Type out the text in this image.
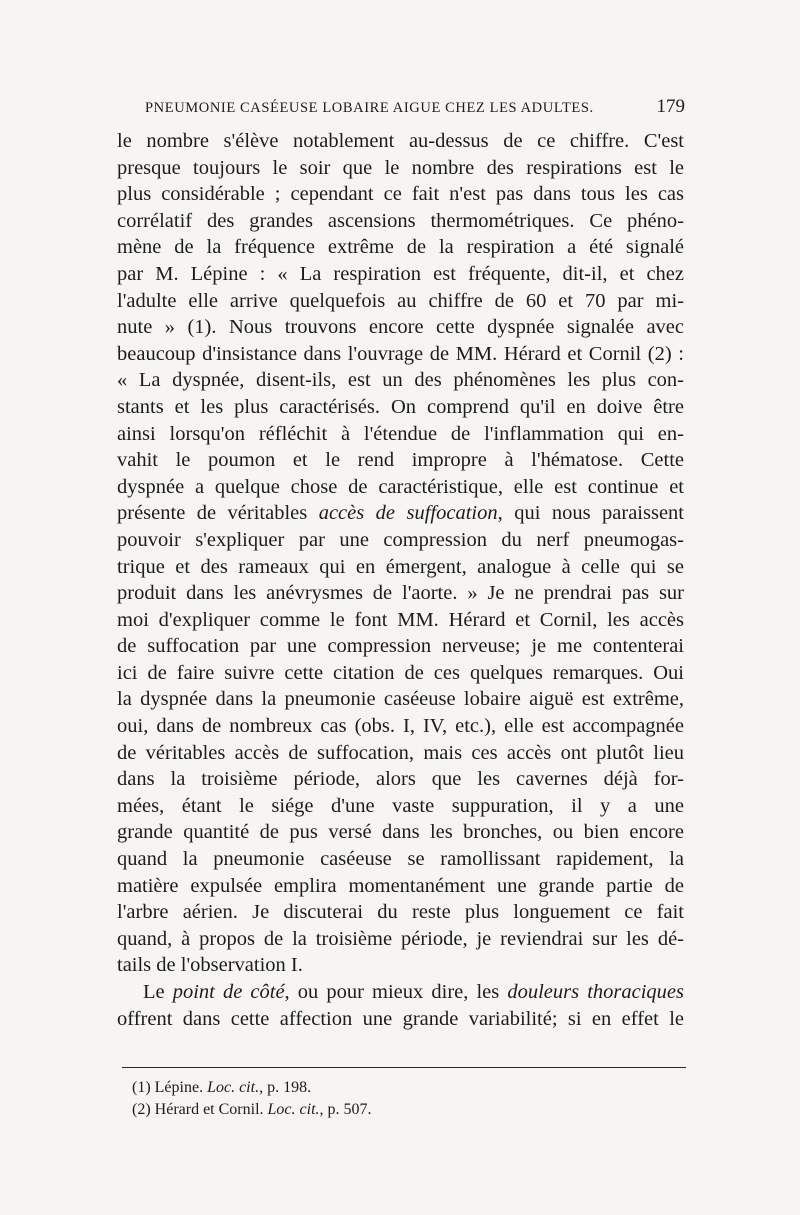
PNEUMONIE CASÉEUSE LOBAIRE AIGUE CHEZ LES ADULTES.	179
le nombre s'élève notablement au-dessus de ce chiffre. C'est
presque toujours le soir que le nombre des respirations est le
plus considérable ; cependant ce fait n'est pas dans tous les cas
corrélatif des grandes ascensions thermométriques. Ce phéno-
mène de la fréquence extrême de la respiration a été signalé
par M. Lépine : « La respiration est fréquente, dit-il, et chez
l'adulte elle arrive quelquefois au chiffre de 60 et 70 par mi-
nute » (1). Nous trouvons encore cette dyspnée signalée avec
beaucoup d'insistance dans l'ouvrage de MM. Hérard et Cornil (2) :
« La dyspnée, disent-ils, est un des phénomènes les plus con-
stants et les plus caractérisés. On comprend qu'il en doive être
ainsi lorsqu'on réfléchit à l'étendue de l'inflammation qui en-
vahit le poumon et le rend impropre à l'hématose. Cette
dyspnée a quelque chose de caractéristique, elle est continue et
présente de véritables accès de suffocation, qui nous paraissent
pouvoir s'expliquer par une compression du nerf pneumogas-
trique et des rameaux qui en émergent, analogue à celle qui se
produit dans les anévrysmes de l'aorte. » Je ne prendrai pas sur
moi d'expliquer comme le font MM. Hérard et Cornil, les accès
de suffocation par une compression nerveuse; je me contenterai
ici de faire suivre cette citation de ces quelques remarques. Oui
la dyspnée dans la pneumonie caséeuse lobaire aiguë est extrême,
oui, dans de nombreux cas (obs. I, IV, etc.), elle est accompagnée
de véritables accès de suffocation, mais ces accès ont plutôt lieu
dans la troisième période, alors que les cavernes déjà for-
mées, étant le siége d'une vaste suppuration, il y a une
grande quantité de pus versé dans les bronches, ou bien encore
quand la pneumonie caséeuse se ramollissant rapidement, la
matière expulsée emplira momentanément une grande partie de
l'arbre aérien. Je discuterai du reste plus longuement ce fait
quand, à propos de la troisième période, je reviendrai sur les dé-
tails de l'observation I.
Le point de côté, ou pour mieux dire, les douleurs thoraciques
offrent dans cette affection une grande variabilité; si en effet le
(1) Lépine. Loc. cit., p. 198.
(2) Hérard et Cornil. Loc. cit., p. 507.
